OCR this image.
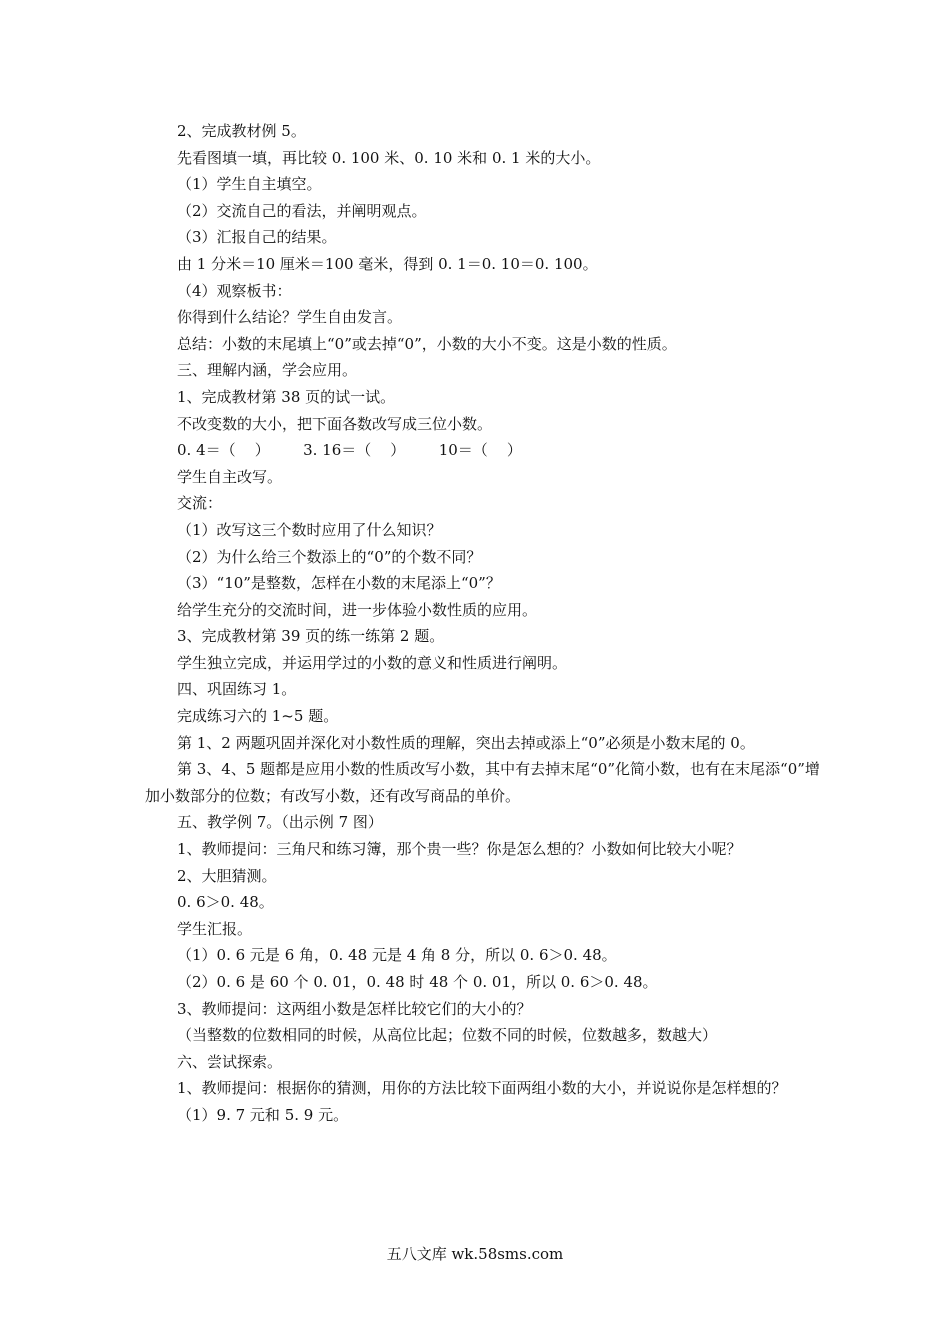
2、完成教材例 5。

先看图填一填，再比较 0. 100 米、0. 10 米和 0. 1 米的大小。

（1）学生自主填空。

（2）交流自己的看法，并阐明观点。

（3）汇报自己的结果。

由 1 分米＝10 厘米＝100 毫米，得到 0. 1＝0. 10＝0. 100。

（4）观察板书：

你得到什么结论？学生自由发言。

总结：小数的末尾填上“0”或去掉“0”，小数的大小不变。这是小数的性质。

三、理解内涵，学会应用。

1、完成教材第 38 页的试一试。

不改变数的大小，把下面各数改写成三位小数。

0. 4＝（    ）       3. 16＝（    ）       10＝（    ）

学生自主改写。

交流：

（1）改写这三个数时应用了什么知识？

（2）为什么给三个数添上的“0”的个数不同？

（3）“10”是整数，怎样在小数的末尾添上“0”？

给学生充分的交流时间，进一步体验小数性质的应用。

3、完成教材第 39 页的练一练第 2 题。

学生独立完成，并运用学过的小数的意义和性质进行阐明。

四、巩固练习 1。

完成练习六的 1~5 题。

第 1、2 两题巩固并深化对小数性质的理解，突出去掉或添上“0”必须是小数末尾的 0。

第 3、4、5 题都是应用小数的性质改写小数，其中有去掉末尾“0”化简小数，也有在末尾添“0”增加小数部分的位数；有改写小数，还有改写商品的单价。

五、教学例 7。（出示例 7 图）

1、教师提问：三角尺和练习簿，那个贵一些？你是怎么想的？小数如何比较大小呢？

2、大胆猜测。

0. 6＞0. 48。

学生汇报。

（1）0. 6 元是 6 角，0. 48 元是 4 角 8 分，所以 0. 6＞0. 48。

（2）0. 6 是 60 个 0. 01，0. 48 时 48 个 0. 01，所以 0. 6＞0. 48。

3、教师提问：这两组小数是怎样比较它们的大小的？

（当整数的位数相同的时候，从高位比起；位数不同的时候，位数越多，数越大）

六、尝试探索。

1、教师提问：根据你的猜测，用你的方法比较下面两组小数的大小，并说说你是怎样想的？

（1）9. 7 元和 5. 9 元。

五八文库 wk.58sms.com
